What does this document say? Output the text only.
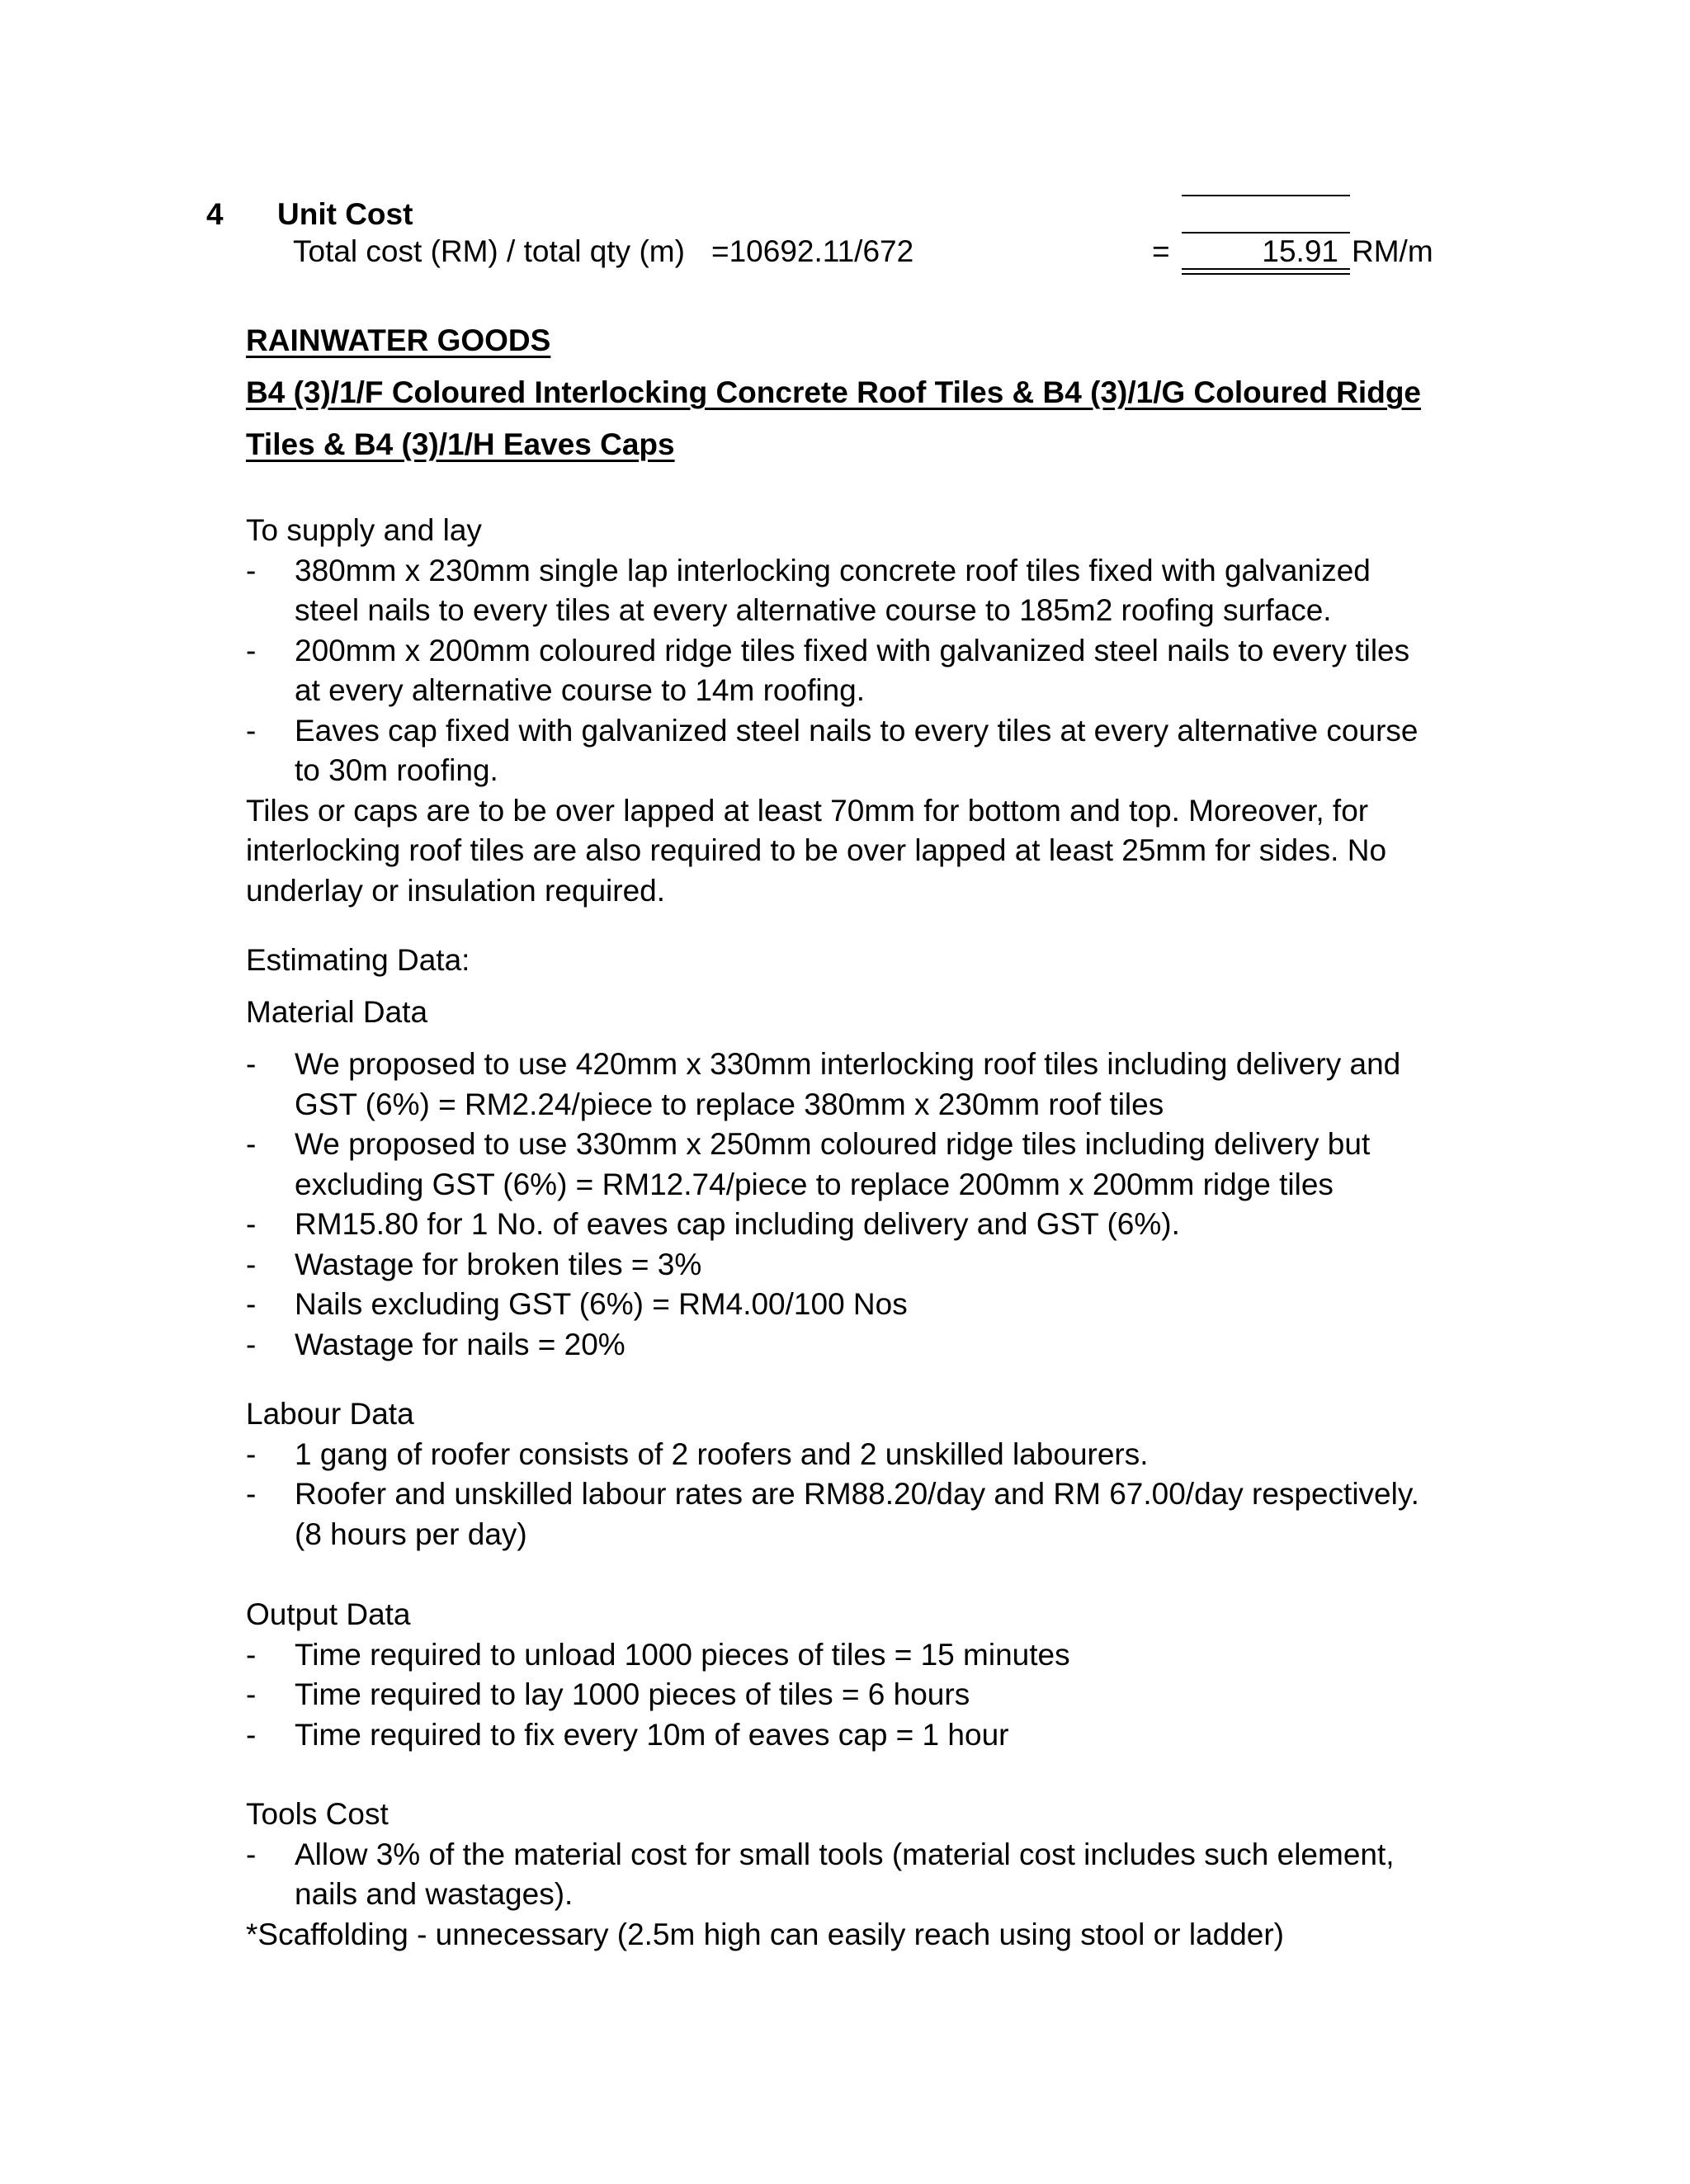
4 Unit Cost
Total cost (RM) / total qty (m) =10692.11/672	=	15.91 RM/m
RAINWATER GOODS
B4 (3)/1/F Coloured Interlocking Concrete Roof Tiles & B4 (3)/1/G Coloured Ridge
Tiles & B4 (3)/1/H Eaves Caps

To supply and lay

- 380mm x 230mm single lap interlocking concrete roof tiles fixed with galvanized steel nails to every tiles at every alternative course to 185m2 roofing surface.
- 200mm x 200mm coloured ridge tiles fixed with galvanized steel nails to every tiles at every alternative course to 14m roofing.
- Eaves cap fixed with galvanized steel nails to every tiles at every alternative course to 30m roofing.

Tiles or caps are to be over lapped at least 70mm for bottom and top. Moreover, for interlocking roof tiles are also required to be over lapped at least 25mm for sides. No underlay or insulation required.

Estimating Data:
Material Data
- We proposed to use 420mm x 330mm interlocking roof tiles including delivery and GST (6%) = RM2.24/piece to replace 380mm x 230mm roof tiles
- We proposed to use 330mm x 250mm coloured ridge tiles including delivery but excluding GST (6%) = RM12.74/piece to replace 200mm x 200mm ridge tiles
- RM15.80 for 1 No. of eaves cap including delivery and GST (6%).
- Wastage for broken tiles = 3%
- Nails excluding GST (6%) = RM4.00/100 Nos
- Wastage for nails = 20%

Labour Data

- 1 gang of roofer consists of 2 roofers and 2 unskilled labourers.
- Roofer and unskilled labour rates are RM88.20/day and RM 67.00/day respectively. (8 hours per day)

Output Data

- Time required to unload 1000 pieces of tiles = 15 minutes
- Time required to lay 1000 pieces of tiles = 6 hours
- Time required to fix every 10m of eaves cap = 1 hour

Tools Cost

- Allow 3% of the material cost for small tools (material cost includes such element, nails and wastages).

*Scaffolding - unnecessary (2.5m high can easily reach using stool or ladder)
